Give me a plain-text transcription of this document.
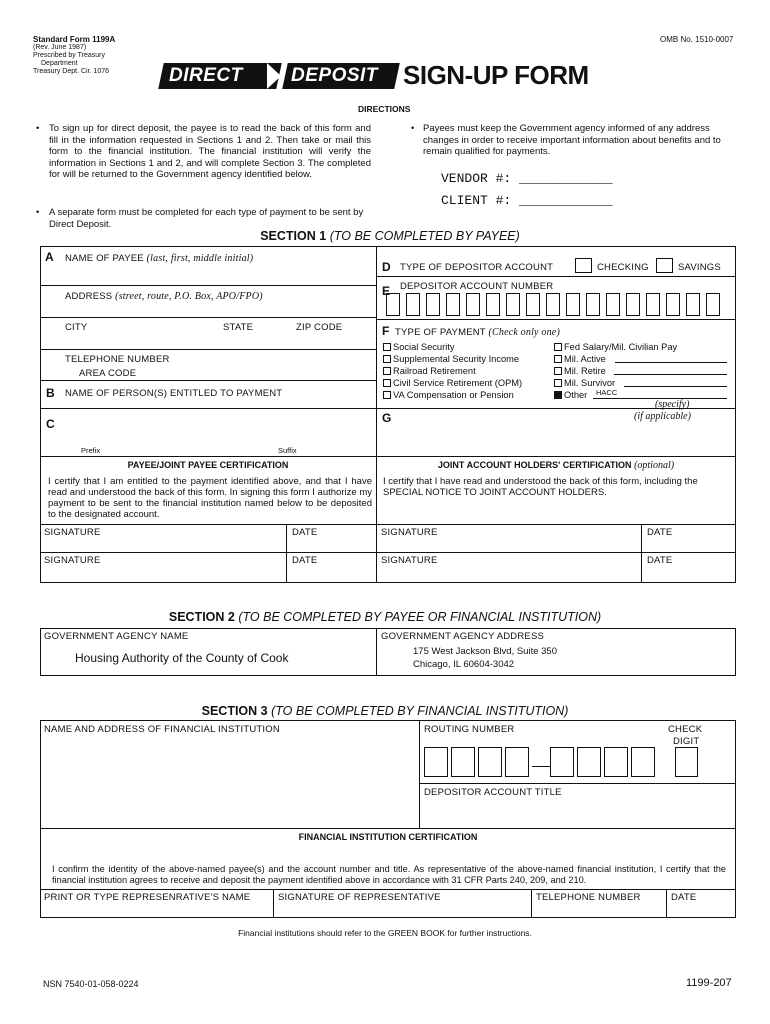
Standard Form 1199A
(Rev. June 1987)
Prescribed by Treasury
Department
Treasury Dept. Cir. 1076
OMB No. 1510-0007
DIRECT	DEPOSIT SIGN-UP FORM
DIRECTIONS
• To sign up for direct deposit, the payee is to read the back of this form and fill in the information requested in Sections 1 and 2. Then take or mail this form to the financial institution. The financial institution will verify the information in Sections 1 and 2, and will complete Section 3. The completed for will be returned to the Government agency identified below.
• A separate form must be completed for each type of payment to be sent by Direct Deposit.
• Payees must keep the Government agency informed of any address changes in order to receive important information about benefits and to remain qualified for payments.
VENDOR #: ____________
CLIENT #: ____________
SECTION 1 (TO BE COMPLETED BY PAYEE)
A NAME OF PAYEE (last, first, middle initial)
ADDRESS (street, route, P.O. Box, APO/FPO)
CITY	STATE	ZIP CODE
TELEPHONE NUMBER
AREA CODE
B NAME OF PERSON(S) ENTITLED TO PAYMENT
C
Prefix	Suffix
D TYPE OF DEPOSITOR ACCOUNT	CHECKING	SAVINGS
E DEPOSITOR ACCOUNT NUMBER
F TYPE OF PAYMENT (Check only one)
Social Security
Supplemental Security Income
Railroad Retirement
Civil Service Retirement (OPM)
VA Compensation or Pension
Fed Salary/Mil. Civilian Pay
Mil. Active
Mil. Retire
Mil. Survivor
Other	HACC
(specify)
G	(if applicable)
PAYEE/JOINT PAYEE CERTIFICATION
I certify that I am entitled to the payment identified above, and that I have read and understood the back of this form. In signing this form I authorize my payment to be sent to the financial institution named below to be deposited to the designated account.
JOINT ACCOUNT HOLDERS' CERTIFICATION (optional)
I certify that I have read and understood the back of this form, including the SPECIAL NOTICE TO JOINT ACCOUNT HOLDERS.
SIGNATURE	DATE	SIGNATURE	DATE
SIGNATURE	DATE	SIGNATURE	DATE
SECTION 2 (TO BE COMPLETED BY PAYEE OR FINANCIAL INSTITUTION)
GOVERNMENT AGENCY NAME
Housing Authority of the County of Cook
GOVERNMENT AGENCY ADDRESS
175 West Jackson Blvd, Suite 350
Chicago, IL 60604-3042
SECTION 3 (TO BE COMPLETED BY FINANCIAL INSTITUTION)
NAME AND ADDRESS OF FINANCIAL INSTITUTION	ROUTING NUMBER	CHECK
DIGIT
DEPOSITOR ACCOUNT TITLE
FINANCIAL INSTITUTION CERTIFICATION
I confirm the identity of the above-named payee(s) and the account number and title. As representative of the above-named financial institution, I certify that the financial institution agrees to receive and deposit the payment identified above in accordance with 31 CFR Parts 240, 209, and 210.
PRINT OR TYPE REPRESENRATIVE'S NAME	SIGNATURE OF REPRESENTATIVE	TELEPHONE NUMBER	DATE
Financial institutions should refer to the GREEN BOOK for further instructions.
NSN 7540-01-058-0224	1199-207
